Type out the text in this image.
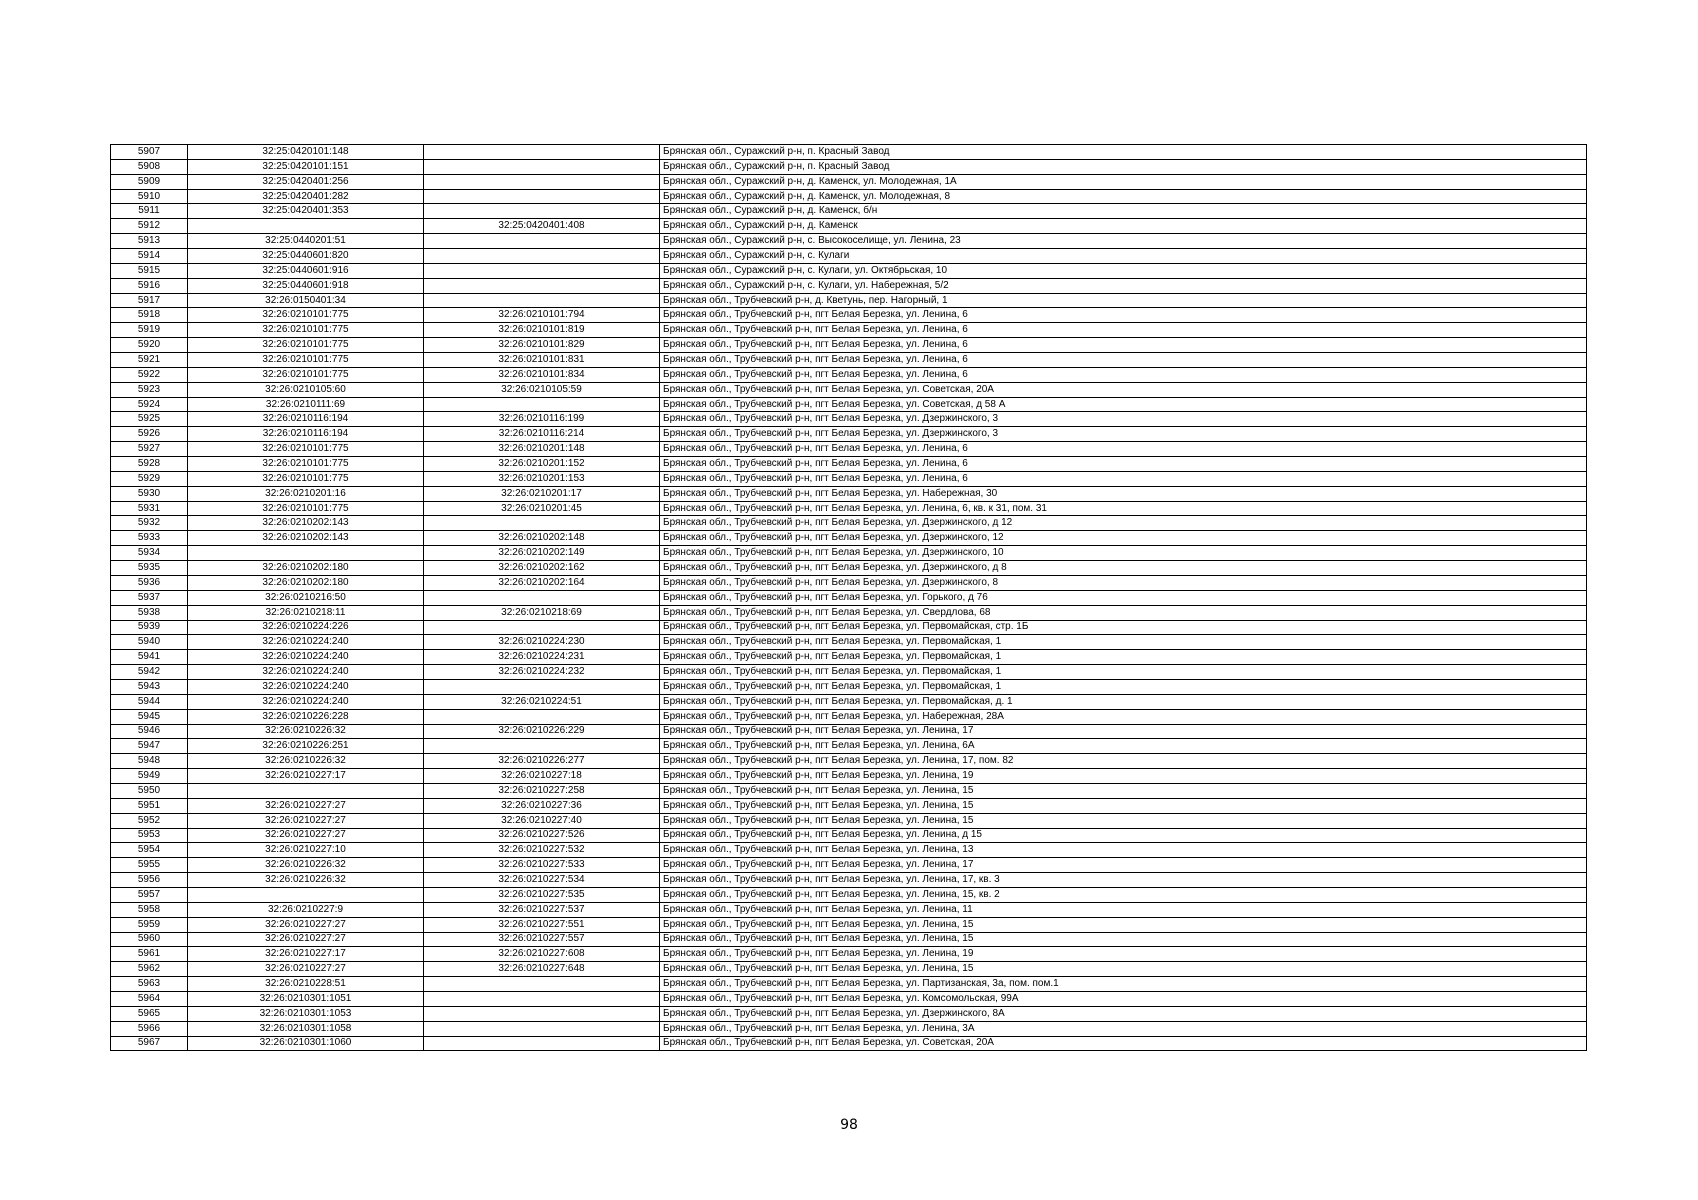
5907	32:25:0420101:148		Брянская обл., Суражский р-н, п. Красный Завод
5908	32:25:0420101:151		Брянская обл., Суражский р-н, п. Красный Завод
5909	32:25:0420401:256		Брянская обл., Суражский р-н, д. Каменск, ул. Молодежная, 1А
5910	32:25:0420401:282		Брянская обл., Суражский р-н, д. Каменск, ул. Молодежная, 8
5911	32:25:0420401:353		Брянская обл., Суражский р-н, д. Каменск, б/н
5912		32:25:0420401:408	Брянская обл., Суражский р-н, д. Каменск
5913	32:25:0440201:51		Брянская обл., Суражский р-н, с. Высокоселище, ул. Ленина, 23
5914	32:25:0440601:820		Брянская обл., Суражский р-н, с. Кулаги
5915	32:25:0440601:916		Брянская обл., Суражский р-н, с. Кулаги, ул. Октябрьская, 10
5916	32:25:0440601:918		Брянская обл., Суражский р-н, с. Кулаги, ул. Набережная, 5/2
5917	32:26:0150401:34		Брянская обл., Трубчевский р-н, д. Кветунь, пер. Нагорный, 1
5918	32:26:0210101:775	32:26:0210101:794	Брянская обл., Трубчевский р-н, пгт Белая Березка, ул. Ленина, 6
5919	32:26:0210101:775	32:26:0210101:819	Брянская обл., Трубчевский р-н, пгт Белая Березка, ул. Ленина, 6
5920	32:26:0210101:775	32:26:0210101:829	Брянская обл., Трубчевский р-н, пгт Белая Березка, ул. Ленина, 6
5921	32:26:0210101:775	32:26:0210101:831	Брянская обл., Трубчевский р-н, пгт Белая Березка, ул. Ленина, 6
5922	32:26:0210101:775	32:26:0210101:834	Брянская обл., Трубчевский р-н, пгт Белая Березка, ул. Ленина, 6
5923	32:26:0210105:60	32:26:0210105:59	Брянская обл., Трубчевский р-н, пгт Белая Березка, ул. Советская, 20А
5924	32:26:0210111:69		Брянская обл., Трубчевский р-н, пгт Белая Березка, ул. Советская, д 58 А
5925	32:26:0210116:194	32:26:0210116:199	Брянская обл., Трубчевский р-н, пгт Белая Березка, ул. Дзержинского, 3
5926	32:26:0210116:194	32:26:0210116:214	Брянская обл., Трубчевский р-н, пгт Белая Березка, ул. Дзержинского, 3
5927	32:26:0210101:775	32:26:0210201:148	Брянская обл., Трубчевский р-н, пгт Белая Березка, ул. Ленина, 6
5928	32:26:0210101:775	32:26:0210201:152	Брянская обл., Трубчевский р-н, пгт Белая Березка, ул. Ленина, 6
5929	32:26:0210101:775	32:26:0210201:153	Брянская обл., Трубчевский р-н, пгт Белая Березка, ул. Ленина, 6
5930	32:26:0210201:16	32:26:0210201:17	Брянская обл., Трубчевский р-н, пгт Белая Березка, ул. Набережная, 30
5931	32:26:0210101:775	32:26:0210201:45	Брянская обл., Трубчевский р-н, пгт Белая Березка, ул. Ленина, 6, кв. к 31, пом. 31
5932	32:26:0210202:143		Брянская обл., Трубчевский р-н, пгт Белая Березка, ул. Дзержинского, д 12
5933	32:26:0210202:143	32:26:0210202:148	Брянская обл., Трубчевский р-н, пгт Белая Березка, ул. Дзержинского, 12
5934		32:26:0210202:149	Брянская обл., Трубчевский р-н, пгт Белая Березка, ул. Дзержинского, 10
5935	32:26:0210202:180	32:26:0210202:162	Брянская обл., Трубчевский р-н, пгт Белая Березка, ул. Дзержинского, д 8
5936	32:26:0210202:180	32:26:0210202:164	Брянская обл., Трубчевский р-н, пгт Белая Березка, ул. Дзержинского, 8
5937	32:26:0210216:50		Брянская обл., Трубчевский р-н, пгт Белая Березка, ул. Горького, д 76
5938	32:26:0210218:11	32:26:0210218:69	Брянская обл., Трубчевский р-н, пгт Белая Березка, ул. Свердлова, 68
5939	32:26:0210224:226		Брянская обл., Трубчевский р-н, пгт Белая Березка, ул. Первомайская, стр. 1Б
5940	32:26:0210224:240	32:26:0210224:230	Брянская обл., Трубчевский р-н, пгт Белая Березка, ул. Первомайская, 1
5941	32:26:0210224:240	32:26:0210224:231	Брянская обл., Трубчевский р-н, пгт Белая Березка, ул. Первомайская, 1
5942	32:26:0210224:240	32:26:0210224:232	Брянская обл., Трубчевский р-н, пгт Белая Березка, ул. Первомайская, 1
5943	32:26:0210224:240		Брянская обл., Трубчевский р-н, пгт Белая Березка, ул. Первомайская, 1
5944	32:26:0210224:240	32:26:0210224:51	Брянская обл., Трубчевский р-н, пгт Белая Березка, ул. Первомайская, д. 1
5945	32:26:0210226:228		Брянская обл., Трубчевский р-н, пгт Белая Березка, ул. Набережная, 28А
5946	32:26:0210226:32	32:26:0210226:229	Брянская обл., Трубчевский р-н, пгт Белая Березка, ул. Ленина, 17
5947	32:26:0210226:251		Брянская обл., Трубчевский р-н, пгт Белая Березка, ул. Ленина, 6А
5948	32:26:0210226:32	32:26:0210226:277	Брянская обл., Трубчевский р-н, пгт Белая Березка, ул. Ленина, 17, пом. 82
5949	32:26:0210227:17	32:26:0210227:18	Брянская обл., Трубчевский р-н, пгт Белая Березка, ул. Ленина, 19
5950		32:26:0210227:258	Брянская обл., Трубчевский р-н, пгт Белая Березка, ул. Ленина, 15
5951	32:26:0210227:27	32:26:0210227:36	Брянская обл., Трубчевский р-н, пгт Белая Березка, ул. Ленина, 15
5952	32:26:0210227:27	32:26:0210227:40	Брянская обл., Трубчевский р-н, пгт Белая Березка, ул. Ленина, 15
5953	32:26:0210227:27	32:26:0210227:526	Брянская обл., Трубчевский р-н, пгт Белая Березка, ул. Ленина, д 15
5954	32:26:0210227:10	32:26:0210227:532	Брянская обл., Трубчевский р-н, пгт Белая Березка, ул. Ленина, 13
5955	32:26:0210226:32	32:26:0210227:533	Брянская обл., Трубчевский р-н, пгт Белая Березка, ул. Ленина, 17
5956	32:26:0210226:32	32:26:0210227:534	Брянская обл., Трубчевский р-н, пгт Белая Березка, ул. Ленина, 17, кв. 3
5957		32:26:0210227:535	Брянская обл., Трубчевский р-н, пгт Белая Березка, ул. Ленина, 15, кв. 2
5958	32:26:0210227:9	32:26:0210227:537	Брянская обл., Трубчевский р-н, пгт Белая Березка, ул. Ленина, 11
5959	32:26:0210227:27	32:26:0210227:551	Брянская обл., Трубчевский р-н, пгт Белая Березка, ул. Ленина, 15
5960	32:26:0210227:27	32:26:0210227:557	Брянская обл., Трубчевский р-н, пгт Белая Березка, ул. Ленина, 15
5961	32:26:0210227:17	32:26:0210227:608	Брянская обл., Трубчевский р-н, пгт Белая Березка, ул. Ленина, 19
5962	32:26:0210227:27	32:26:0210227:648	Брянская обл., Трубчевский р-н, пгт Белая Березка, ул. Ленина, 15
5963	32:26:0210228:51		Брянская обл., Трубчевский р-н, пгт Белая Березка, ул. Партизанская, 3а, пом. пом.1
5964	32:26:0210301:1051		Брянская обл., Трубчевский р-н, пгт Белая Березка, ул. Комсомольская, 99А
5965	32:26:0210301:1053		Брянская обл., Трубчевский р-н, пгт Белая Березка, ул. Дзержинского, 8А
5966	32:26:0210301:1058		Брянская обл., Трубчевский р-н, пгт Белая Березка, ул. Ленина, 3А
5967	32:26:0210301:1060		Брянская обл., Трубчевский р-н, пгт Белая Березка, ул. Советская, 20А
98
